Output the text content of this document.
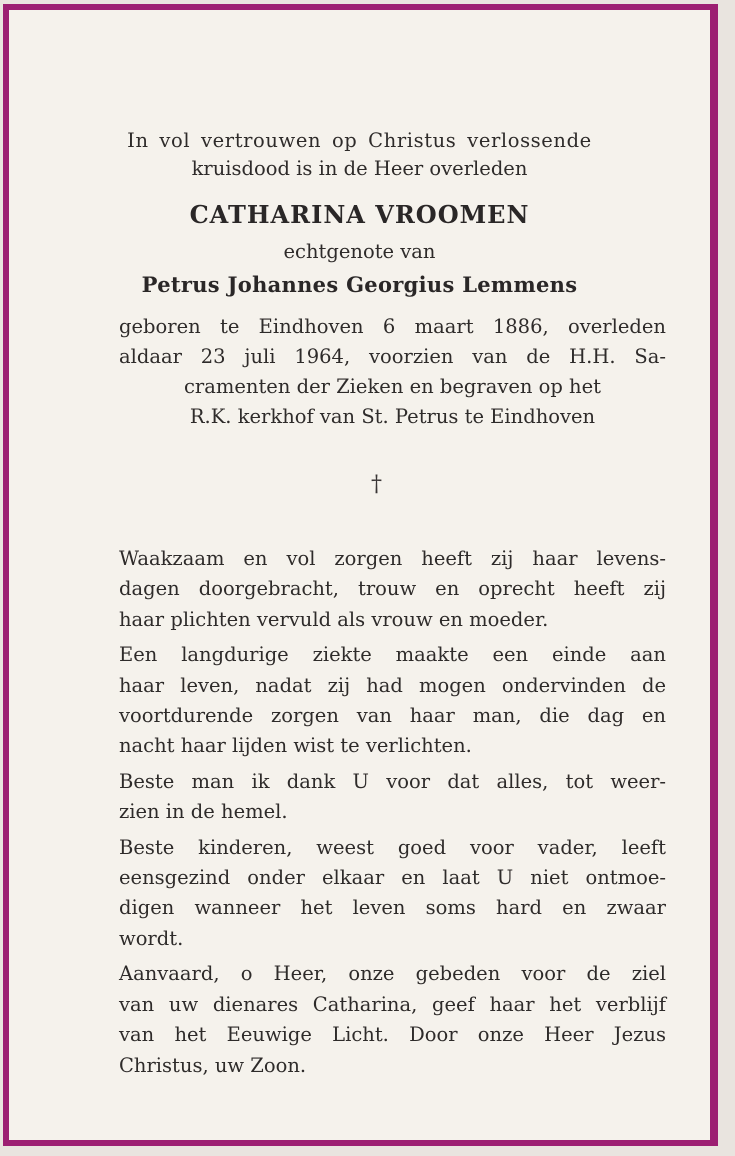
In vol vertrouwen op Christus verlossende
kruisdood is in de Heer overleden
CATHARINA VROOMEN
echtgenote van
Petrus Johannes Georgius Lemmens
geboren te Eindhoven 6 maart 1886, overleden
aldaar 23 juli 1964, voorzien van de H.H. Sa-
cramenten der Zieken en begraven op het
R.K. kerkhof van St. Petrus te Eindhoven
†
Waakzaam en vol zorgen heeft zij haar levens-
dagen doorgebracht, trouw en oprecht heeft zij
haar plichten vervuld als vrouw en moeder.
Een langdurige ziekte maakte een einde aan
haar leven, nadat zij had mogen ondervinden de
voortdurende zorgen van haar man, die dag en
nacht haar lijden wist te verlichten.
Beste man ik dank U voor dat alles, tot weer-
zien in de hemel.
Beste kinderen, weest goed voor vader, leeft
eensgezind onder elkaar en laat U niet ontmoe-
digen wanneer het leven soms hard en zwaar
wordt.
Aanvaard, o Heer, onze gebeden voor de ziel
van uw dienares Catharina, geef haar het verblijf
van het Eeuwige Licht. Door onze Heer Jezus
Christus, uw Zoon.
